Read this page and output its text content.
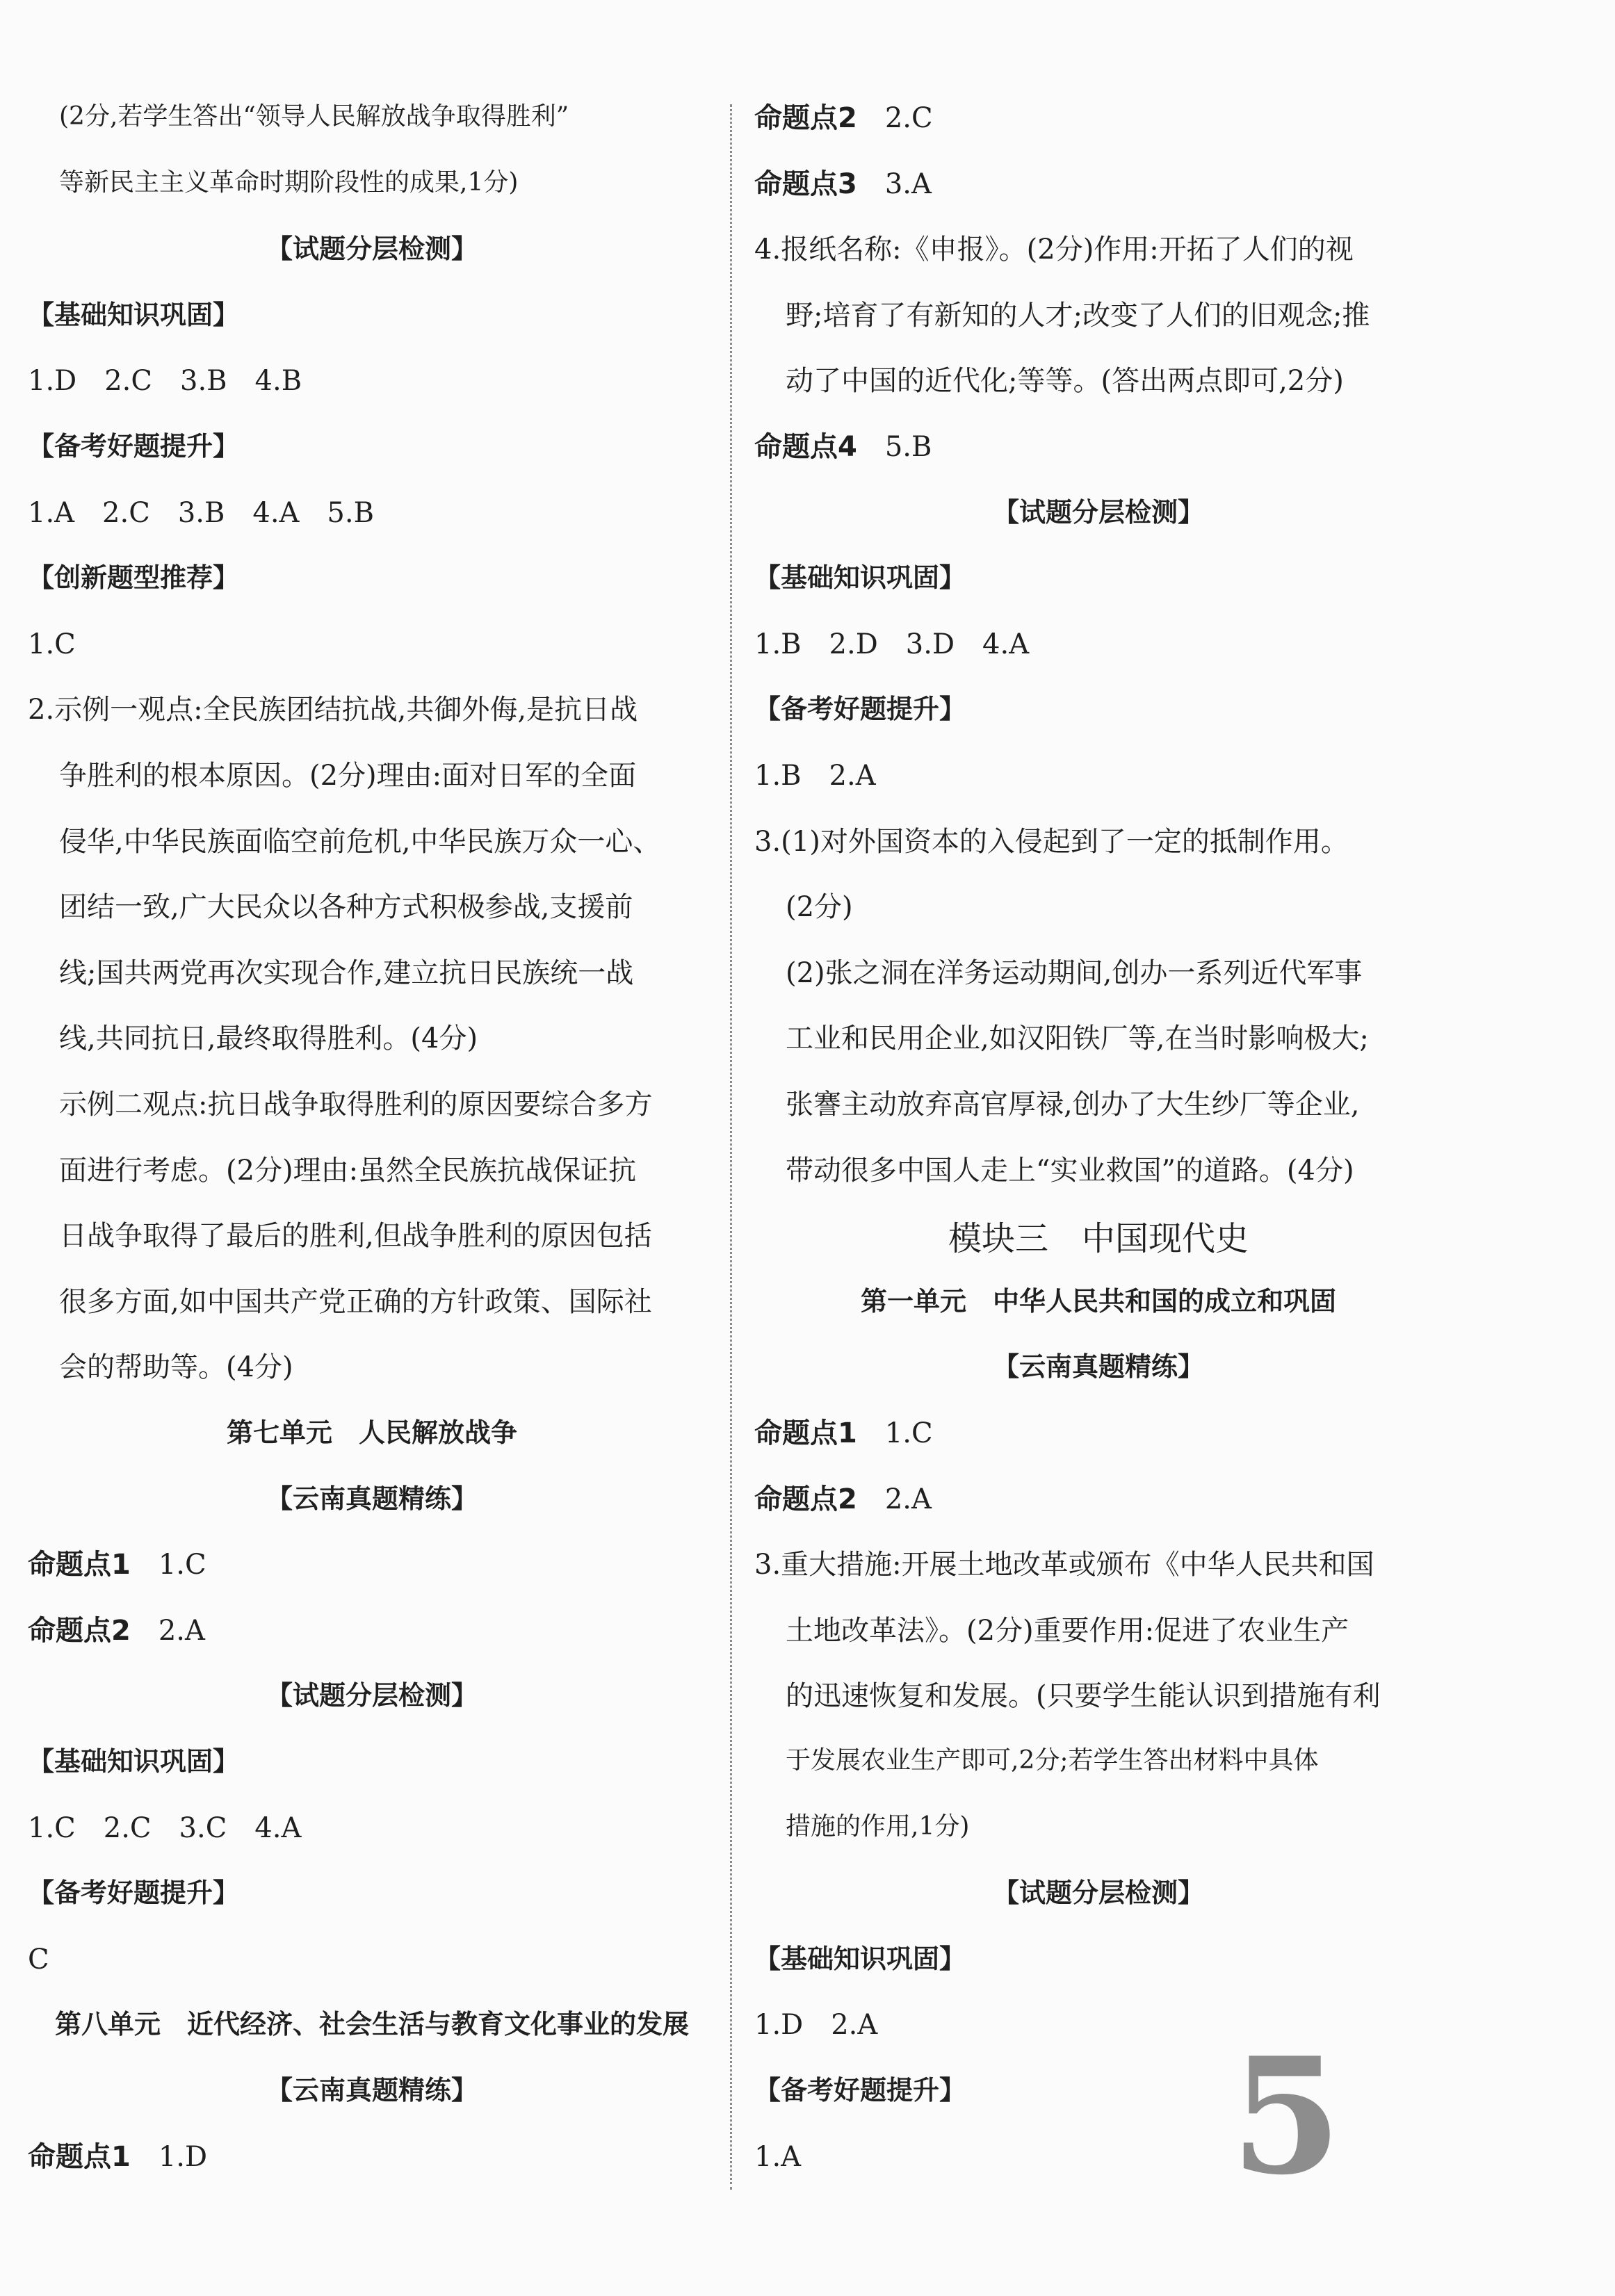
(2分,若学生答出“领导人民解放战争取得胜利”
等新民主主义革命时期阶段性的成果,1分)
【试题分层检测】
【基础知识巩固】
1.D　2.C　3.B　4.B
【备考好题提升】
1.A　2.C　3.B　4.A　5.B
【创新题型推荐】
1.C
2.示例一观点:全民族团结抗战,共御外侮,是抗日战
争胜利的根本原因。(2分)理由:面对日军的全面
侵华,中华民族面临空前危机,中华民族万众一心、
团结一致,广大民众以各种方式积极参战,支援前
线;国共两党再次实现合作,建立抗日民族统一战
线,共同抗日,最终取得胜利。(4分)
示例二观点:抗日战争取得胜利的原因要综合多方
面进行考虑。(2分)理由:虽然全民族抗战保证抗
日战争取得了最后的胜利,但战争胜利的原因包括
很多方面,如中国共产党正确的方针政策、国际社
会的帮助等。(4分)
第七单元　人民解放战争
【云南真题精练】
命题点1　1.C
命题点2　2.A
【试题分层检测】
【基础知识巩固】
1.C　2.C　3.C　4.A
【备考好题提升】
C
第八单元　近代经济、社会生活与教育文化事业的发展
【云南真题精练】
命题点1　1.D
命题点2　2.C
命题点3　3.A
4.报纸名称:《申报》。(2分)作用:开拓了人们的视
野;培育了有新知的人才;改变了人们的旧观念;推
动了中国的近代化;等等。(答出两点即可,2分)
命题点4　5.B
【试题分层检测】
【基础知识巩固】
1.B　2.D　3.D　4.A
【备考好题提升】
1.B　2.A
3.(1)对外国资本的入侵起到了一定的抵制作用。
(2分)
(2)张之洞在洋务运动期间,创办一系列近代军事
工业和民用企业,如汉阳铁厂等,在当时影响极大;
张謇主动放弃高官厚禄,创办了大生纱厂等企业,
带动很多中国人走上“实业救国”的道路。(4分)
模块三　中国现代史
第一单元　中华人民共和国的成立和巩固
【云南真题精练】
命题点1　1.C
命题点2　2.A
3.重大措施:开展土地改革或颁布《中华人民共和国
土地改革法》。(2分)重要作用:促进了农业生产
的迅速恢复和发展。(只要学生能认识到措施有利
于发展农业生产即可,2分;若学生答出材料中具体
措施的作用,1分)
【试题分层检测】
【基础知识巩固】
1.D　2.A
【备考好题提升】
1.A	5
